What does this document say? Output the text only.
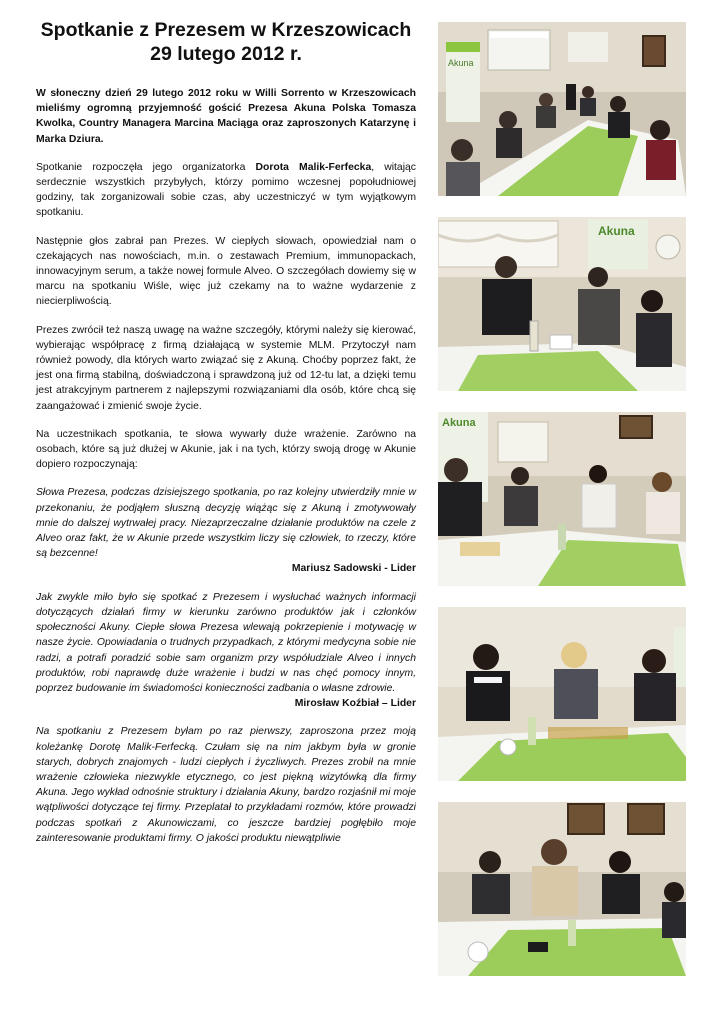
Spotkanie z Prezesem w Krzeszowicach
29 lutego 2012 r.

W słoneczny dzień 29 lutego 2012 roku w Willi Sorrento w Krzeszowicach mieliśmy ogromną przyjemność gościć Prezesa Akuna Polska Tomasza Kwolka, Country Managera Marcina Maciąga oraz zaproszonych Katarzynę i Marka Dziura.

Spotkanie rozpoczęła jego organizatorka Dorota Malik-Ferfecka, witając serdecznie wszystkich przybyłych, którzy pomimo wczesnej popołudniowej godziny, tak zorganizowali sobie czas, aby uczestniczyć w tym wyjątkowym spotkaniu.

Następnie głos zabrał pan Prezes. W ciepłych słowach, opowiedział nam o czekających nas nowościach, m.in. o zestawach Premium, immunopackach, innowacyjnym serum, a także nowej formule Alveo. O szczegółach dowiemy się w marcu na spotkaniu Wiśle, więc już czekamy na to ważne wydarzenie z niecierpliwością.

Prezes zwrócił też naszą uwagę na ważne szczegóły, którymi należy się kierować, wybierając współpracę z firmą działającą w systemie MLM. Przytoczył nam również powody, dla których warto związać się z Akuną. Choćby poprzez fakt, że jest ona firmą stabilną, doświadczoną i sprawdzoną już od 12-tu lat, a dzięki temu jest atrakcyjnym partnerem z najlepszymi rozwiązaniami dla osób, które chcą się zaangażować i zmienić swoje życie.

Na uczestnikach spotkania, te słowa wywarły duże wrażenie. Zarówno na osobach, które są już dłużej w Akunie, jak i na tych, którzy swoją drogę w Akunie dopiero rozpoczynają:

Słowa Prezesa, podczas dzisiejszego spotkania, po raz kolejny utwierdziły mnie w przekonaniu, że podjąłem słuszną decyzję wiążąc się z Akuną i zmotywowały mnie do dalszej wytrwałej pracy. Niezaprzeczalne działanie produktów na czele z Alveo oraz fakt, że w Akunie przede wszystkim liczy się człowiek, to rzeczy, które są bezcenne!

Mariusz Sadowski - Lider

Jak zwykle miło było się spotkać z Prezesem i wysłuchać ważnych informacji dotyczących działań firmy w kierunku zarówno produktów jak i członków społeczności Akuny. Ciepłe słowa Prezesa wlewają pokrzepienie i motywację w nasze życie. Opowiadania o trudnych przypadkach, z którymi medycyna sobie nie radzi, a potrafi poradzić sobie sam organizm przy współudziale Alveo i innych produktów, robi naprawdę duże wrażenie i budzi w nas chęć pomocy innym, poprzez budowanie im świadomości konieczności zadbania o własne zdrowie.

Mirosław Koźbiał – Lider

Na spotkaniu z Prezesem byłam po raz pierwszy, zaproszona przez moją koleżankę Dorotę Malik-Ferfecką. Czułam się na nim jakbym była w gronie starych, dobrych znajomych - ludzi ciepłych i życzliwych. Prezes zrobił na mnie wrażenie człowieka niezwykle etycznego, co jest piękną wizytówką dla firmy Akuna. Jego wykład odnośnie struktury i działania Akuny, bardzo rozjaśnił mi moje wątpliwości dotyczące tej firmy. Przeplatał to przykładami rozmów, które prowadzi podczas spotkań z Akunowiczami, co jeszcze bardziej pogłębiło moje zainteresowanie produktami firmy. O jakości produktu niewątpliwie

Akuna
Akuna
Akuna
